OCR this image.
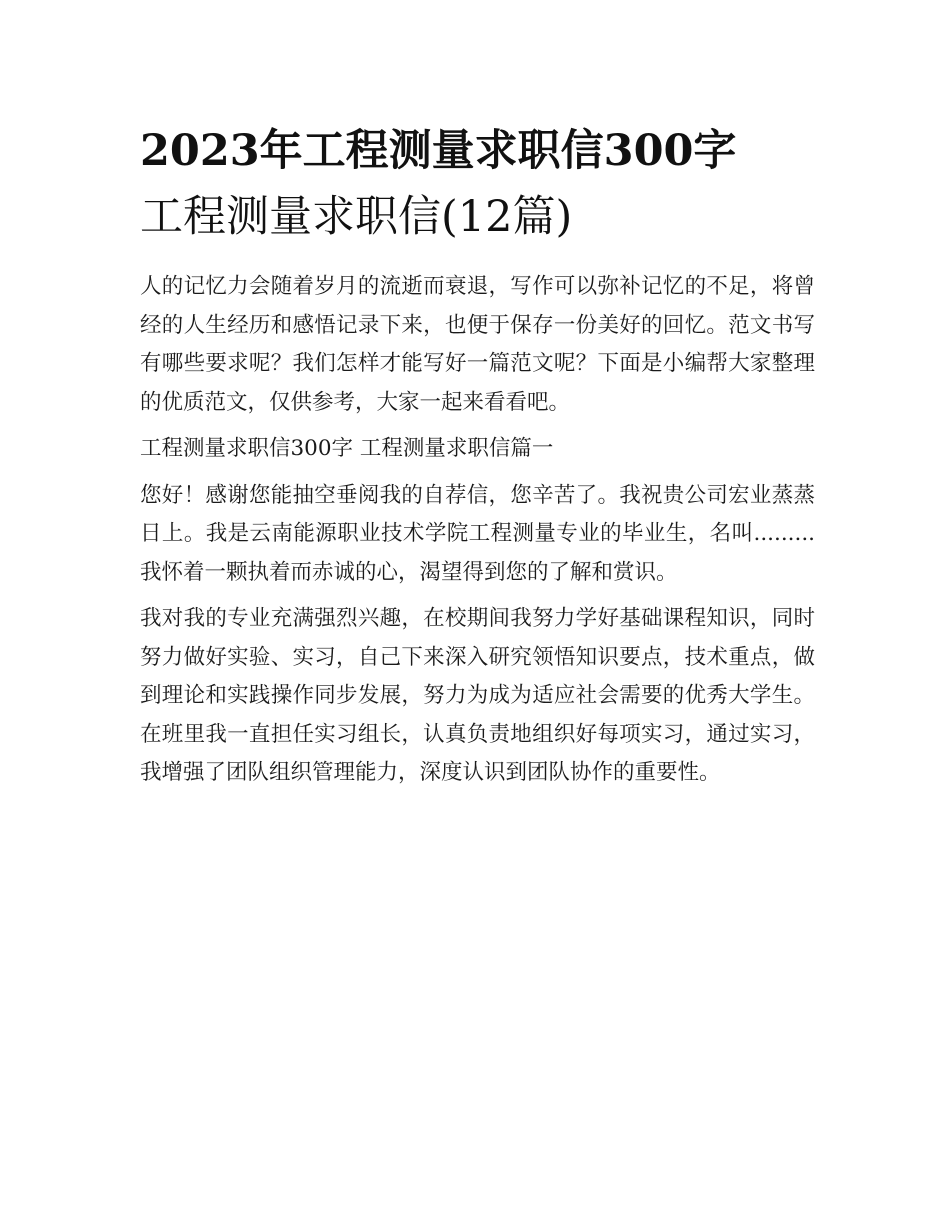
2023年工程测量求职信300字
工程测量求职信(12篇)

人的记忆力会随着岁月的流逝而衰退，写作可以弥补记忆的不足，将曾经的人生经历和感悟记录下来，也便于保存一份美好的回忆。范文书写有哪些要求呢？我们怎样才能写好一篇范文呢？下面是小编帮大家整理的优质范文，仅供参考，大家一起来看看吧。

工程测量求职信300字 工程测量求职信篇一

您好！感谢您能抽空垂阅我的自荐信，您辛苦了。我祝贵公司宏业蒸蒸日上。我是云南能源职业技术学院工程测量专业的毕业生，名叫.........我怀着一颗执着而赤诚的心，渴望得到您的了解和赏识。

我对我的专业充满强烈兴趣，在校期间我努力学好基础课程知识，同时努力做好实验、实习，自己下来深入研究领悟知识要点，技术重点，做到理论和实践操作同步发展，努力为成为适应社会需要的优秀大学生。在班里我一直担任实习组长，认真负责地组织好每项实习，通过实习，我增强了团队组织管理能力，深度认识到团队协作的重要性。
